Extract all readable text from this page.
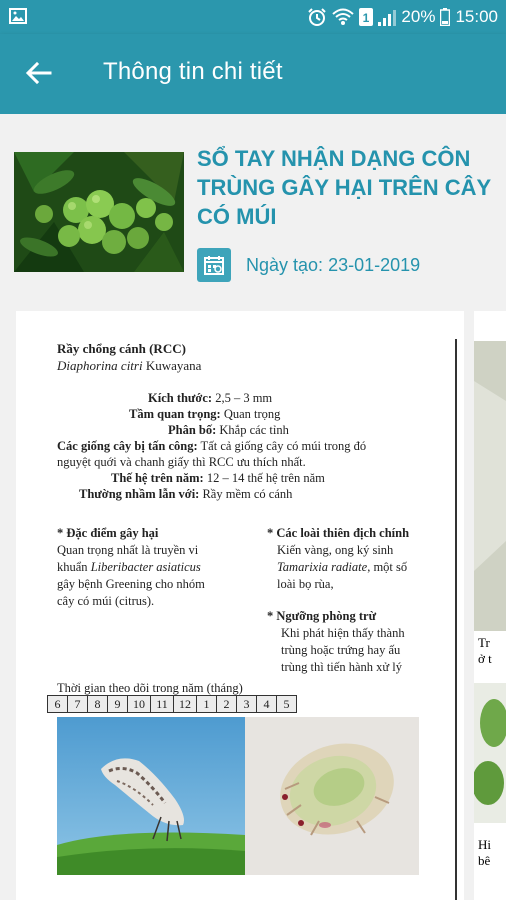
1 20% 15:00
Thông tin chi tiết
SỔ TAY NHẬN DẠNG CÔN TRÙNG GÂY HẠI TRÊN CÂY CÓ MÚI
Ngày tạo: 23-01-2019
Rầy chổng cánh (RCC)
Diaphorina citri Kuwayana
Kích thước: 2,5 – 3 mm
Tầm quan trọng: Quan trọng
Phân bố: Khắp các tỉnh
Các giống cây bị tấn công: Tất cả giống cây có múi trong đó
nguyệt quới và chanh giấy thì RCC ưu thích nhất.
Thế hệ trên năm: 12 – 14 thế hệ trên năm
Thường nhầm lẫn với: Rầy mềm có cánh
* Đặc điểm gây hại
Quan trọng nhất là truyền vi
khuẩn Liberibacter asiaticus
gây bệnh Greening cho nhóm
cây có múi (citrus).
* Các loài thiên địch chính
Kiến vàng, ong ký sinh
Tamarixia radiate, một số
loài bọ rùa,
* Ngưỡng phòng trừ
Khi phát hiện thấy thành
trùng hoặc trứng hay ấu
trùng thì tiến hành xử lý
Thời gian theo dõi trong năm (tháng)
6	7	8	9	10 11 12	1	2	3	4	5
Tr
ở t
Hi
bê
